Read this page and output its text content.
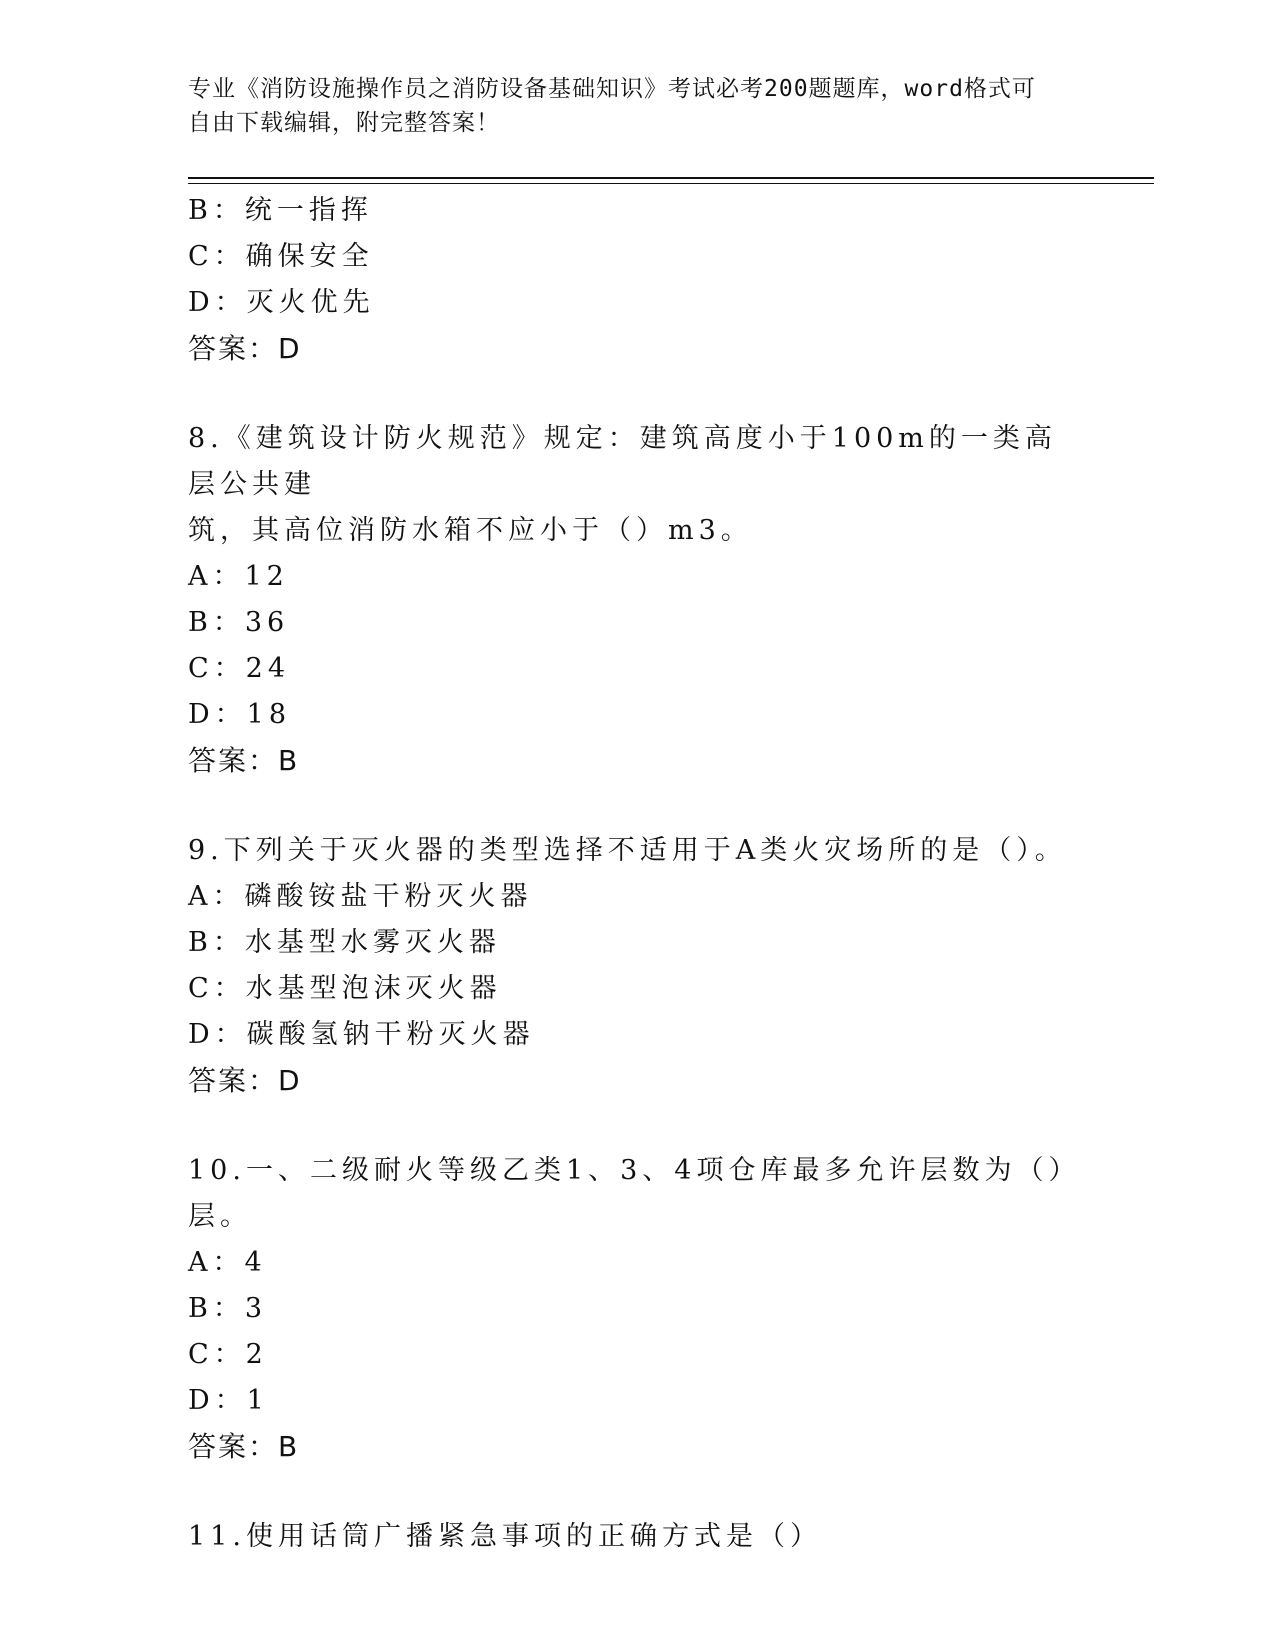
专业《消防设施操作员之消防设备基础知识》考试必考200题题库，word格式可
自由下载编辑，附完整答案！
B：统一指挥
C：确保安全
D：灭火优先
答案：D
8.《建筑设计防火规范》规定：建筑高度小于100m的一类高层公共建
筑，其高位消防水箱不应小于（）m3。
A：12
B：36
C：24
D：18
答案：B
9.下列关于灭火器的类型选择不适用于A类火灾场所的是（）。
A：磷酸铵盐干粉灭火器
B：水基型水雾灭火器
C：水基型泡沫灭火器
D：碳酸氢钠干粉灭火器
答案：D
10.一、二级耐火等级乙类1、3、4项仓库最多允许层数为（）层。
A：4
B：3
C：2
D：1
答案：B
11.使用话筒广播紧急事项的正确方式是（）
